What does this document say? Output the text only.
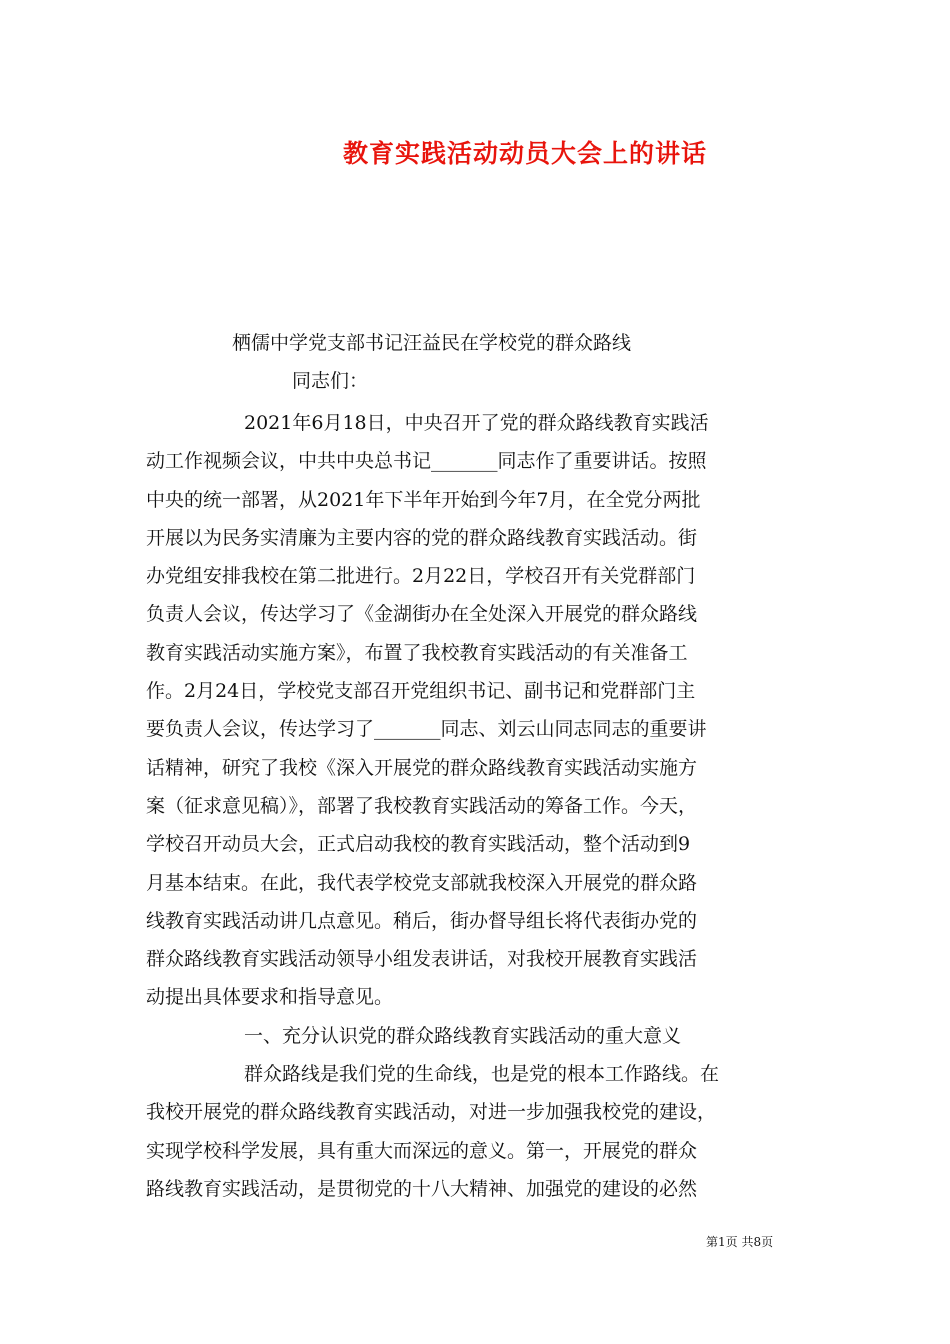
教育实践活动动员大会上的讲话
栖儒中学党支部书记汪益民在学校党的群众路线
同志们：
2021年6月18日，中央召开了党的群众路线教育实践活
动工作视频会议，中共中央总书记_______同志作了重要讲话。按照
中央的统一部署，从2021年下半年开始到今年7月，在全党分两批
开展以为民务实清廉为主要内容的党的群众路线教育实践活动。街
办党组安排我校在第二批进行。2月22日，学校召开有关党群部门
负责人会议，传达学习了《金湖街办在全处深入开展党的群众路线
教育实践活动实施方案》，布置了我校教育实践活动的有关准备工
作。2月24日，学校党支部召开党组织书记、副书记和党群部门主
要负责人会议，传达学习了_______同志、刘云山同志同志的重要讲
话精神，研究了我校《深入开展党的群众路线教育实践活动实施方
案（征求意见稿）》，部署了我校教育实践活动的筹备工作。今天，
学校召开动员大会，正式启动我校的教育实践活动，整个活动到9
月基本结束。在此，我代表学校党支部就我校深入开展党的群众路
线教育实践活动讲几点意见。稍后，街办督导组长将代表街办党的
群众路线教育实践活动领导小组发表讲话，对我校开展教育实践活
动提出具体要求和指导意见。
一、充分认识党的群众路线教育实践活动的重大意义
群众路线是我们党的生命线，也是党的根本工作路线。在
我校开展党的群众路线教育实践活动，对进一步加强我校党的建设，
实现学校科学发展，具有重大而深远的意义。第一，开展党的群众
路线教育实践活动，是贯彻党的十八大精神、加强党的建设的必然
第1页 共8页
